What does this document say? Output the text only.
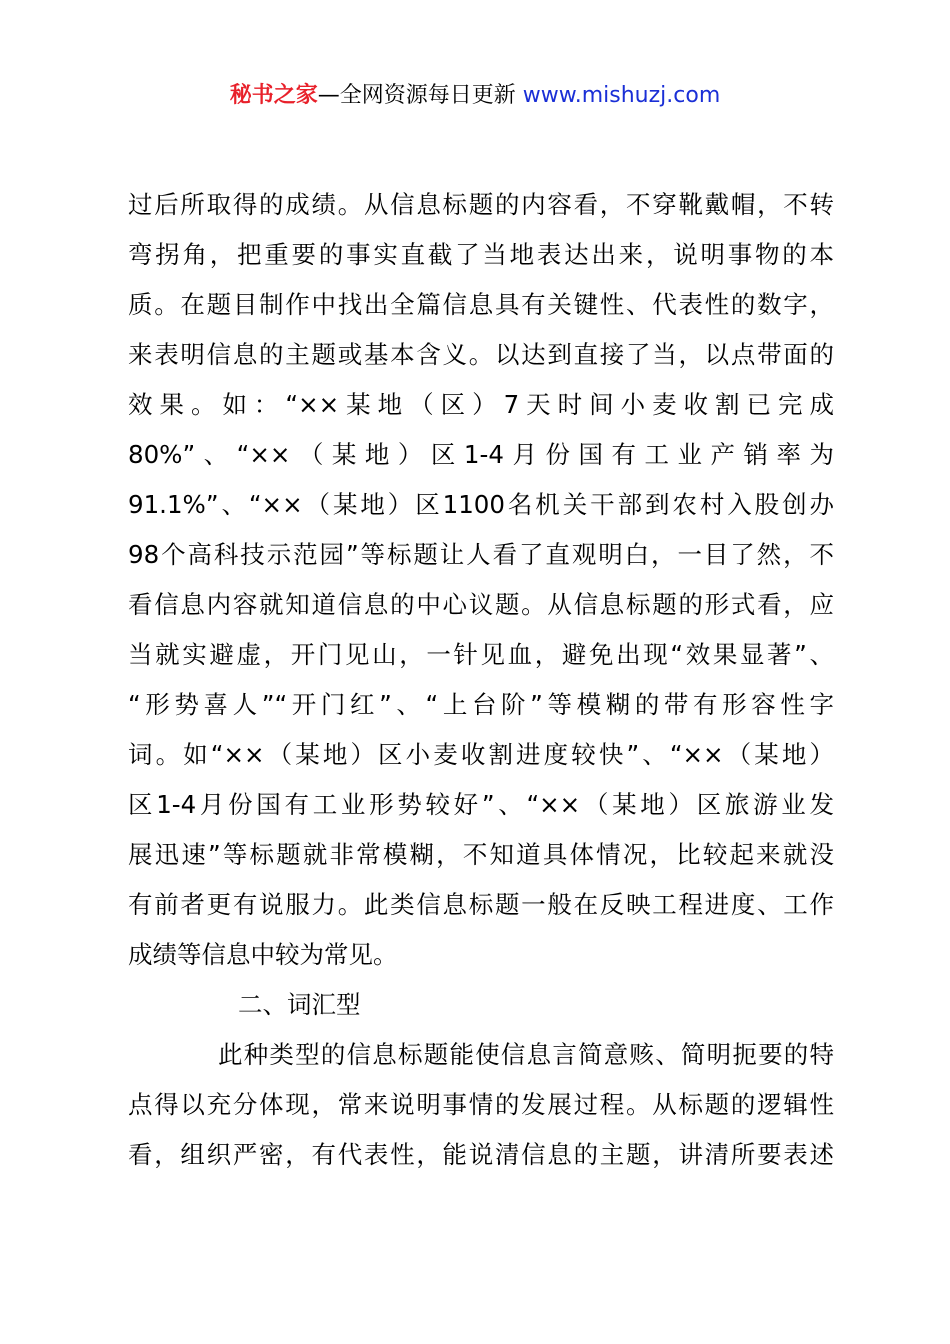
秘书之家—全网资源每日更新 www.mishuzj.com
过后所取得的成绩。从信息标题的内容看，不穿靴戴帽，不转
弯拐角，把重要的事实直截了当地表达出来，说明事物的本
质。在题目制作中找出全篇信息具有关键性、代表性的数字，
来表明信息的主题或基本含义。以达到直接了当，以点带面的
效果。如：“××某地（区）7天时间小麦收割已完成
80%”、“××（某地）区1-4月份国有工业产销率为
91.1%”、“××（某地）区1100名机关干部到农村入股创办
98个高科技示范园”等标题让人看了直观明白，一目了然，不
看信息内容就知道信息的中心议题。从信息标题的形式看，应
当就实避虚，开门见山，一针见血，避免出现“效果显著”、
“形势喜人”“开门红”、“上台阶”等模糊的带有形容性字
词。如“××（某地）区小麦收割进度较快”、“××（某地）
区1-4月份国有工业形势较好”、“××（某地）区旅游业发
展迅速”等标题就非常模糊，不知道具体情况，比较起来就没
有前者更有说服力。此类信息标题一般在反映工程进度、工作
成绩等信息中较为常见。
二、词汇型
此种类型的信息标题能使信息言简意赅、简明扼要的特
点得以充分体现，常来说明事情的发展过程。从标题的逻辑性
看，组织严密，有代表性，能说清信息的主题，讲清所要表述
